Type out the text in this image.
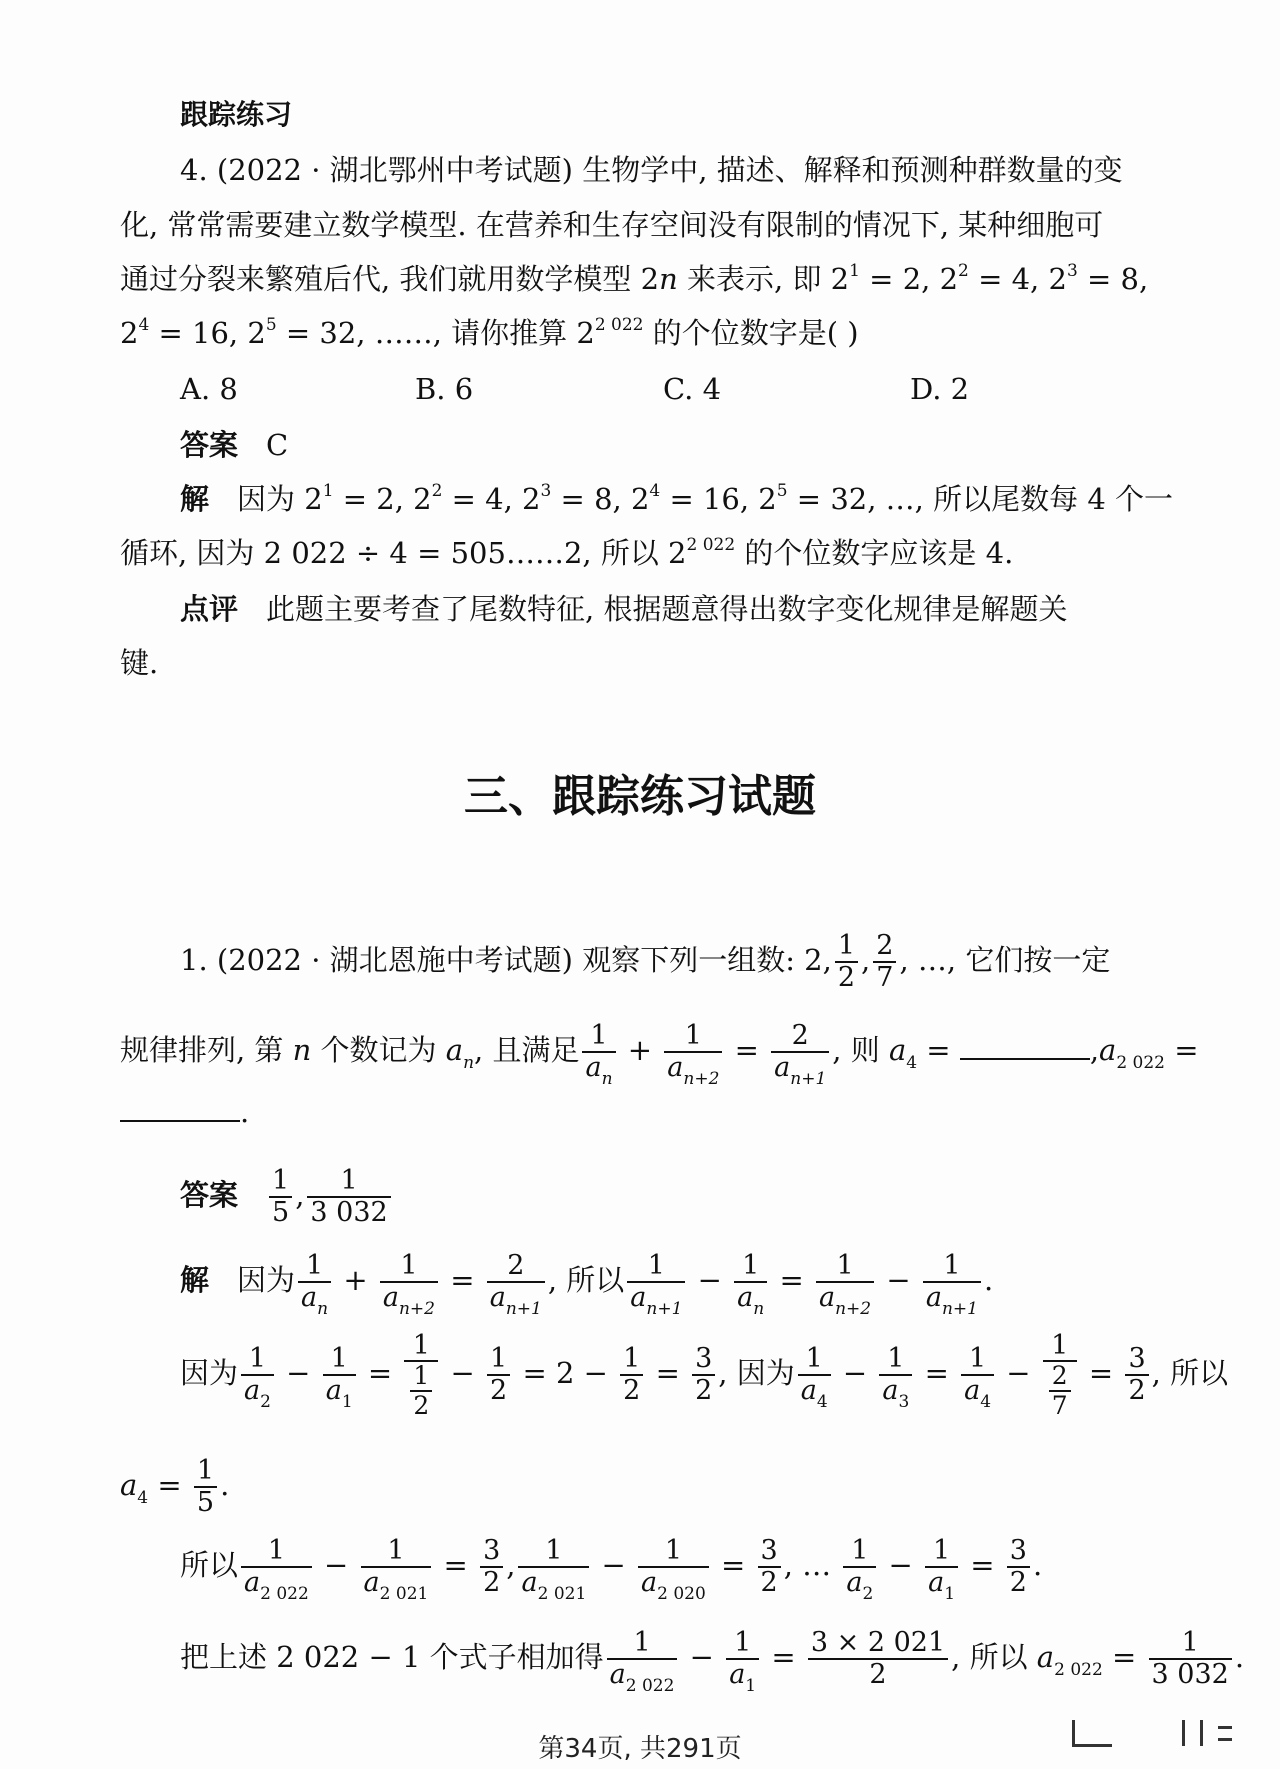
跟踪练习
4. (2022 · 湖北鄂州中考试题) 生物学中, 描述、解释和预测种群数量的变
化, 常常需要建立数学模型. 在营养和生存空间没有限制的情况下, 某种细胞可
通过分裂来繁殖后代, 我们就用数学模型 2n 来表示, 即 $2^1 = 2$, $2^2 = 4$, $2^3 = 8$,
$2^4 = 16$, $2^5 = 32$, ……, 请你推算 $2^{2 022}$ 的个位数字是( )
A. 8	B. 6	C. 4	D. 2
答案 C
解 因为 $2^1 = 2$, $2^2 = 4$, $2^3 = 8$, $2^4 = 16$, $2^5 = 32$, …, 所以尾数每 4 个一
循环, 因为 2 022 ÷ 4 = 505……2, 所以 $2^{2 022}$ 的个位数字应该是 4.
点评 此题主要考查了尾数特征, 根据题意得出数字变化规律是解题关
键.
三、跟踪练习试题
1. (2022 · 湖北恩施中考试题) 观察下列一组数: 2, $\frac{1}{2}$ , $\frac{2}{7}$ , …, 它们按一定
规律排列, 第 n 个数记为 $a_n$, 且满足 $\frac{1}{a_n} + \frac{1}{a_{n+2}} = \frac{2}{a_{n+1}}$ , 则 $a_4$ =	$,a_{2 022}$ =
.
答案 $\frac{1}{5}$ , $\frac{1}{3 032}$
解 因为 $\frac{1}{a_n} + \frac{1}{a_{n+2}} = \frac{2}{a_{n+1}}$ , 所以 $\frac{1}{a_{n+1}} - \frac{1}{a_n} = \frac{1}{a_{n+2}} - \frac{1}{a_{n+1}}$ .
因为 $\frac{1}{a_2} - \frac{1}{a_1} = \frac{1}{\frac{1}{2}} - \frac{1}{2} = 2 - \frac{1}{2} = \frac{3}{2}$ , 因为 $\frac{1}{a_4} - \frac{1}{a_3} = \frac{1}{a_4} - \frac{1}{\frac{2}{7}} = \frac{3}{2}$ , 所以
$a_4 = \frac{1}{5}$ .
所以 $\frac{1}{a_{2 022}} - \frac{1}{a_{2 021}} = \frac{3}{2}$ , $\frac{1}{a_{2 021}} - \frac{1}{a_{2 020}} = \frac{3}{2}$ , … $\frac{1}{a_2} - \frac{1}{a_1} = \frac{3}{2}$ .
把上述 2 022 − 1 个式子相加得 $\frac{1}{a_{2 022}} - \frac{1}{a_1} = \frac{3 \times 2 021}{2}$ , 所以 $a_{2 022} = \frac{1}{3 032}$ .
第34页, 共291页
